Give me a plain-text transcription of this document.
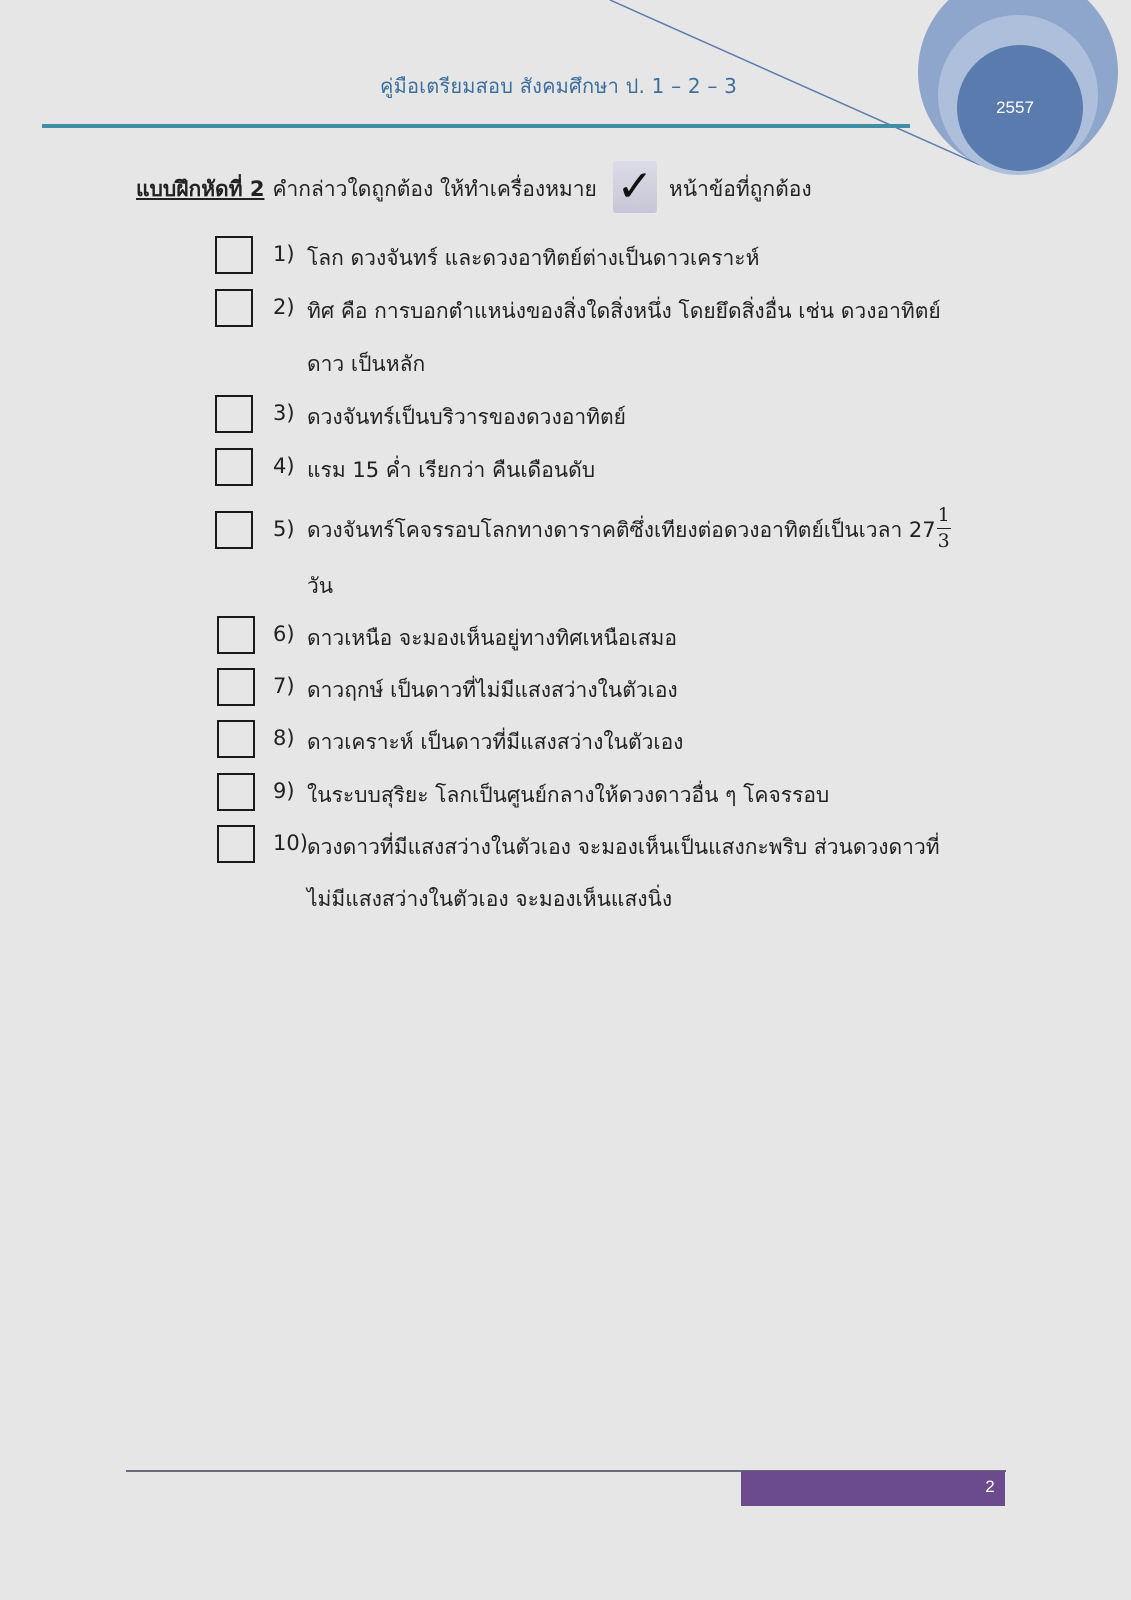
คู่มือเตรียมสอบ สังคมศึกษา ป. 1 – 2 – 3
2557
แบบฝึกหัดที่ 2 คำกล่าวใดถูกต้อง ให้ทำเครื่องหมาย ✓ หน้าข้อที่ถูกต้อง
1) โลก ดวงจันทร์ และดวงอาทิตย์ต่างเป็นดาวเคราะห์
2) ทิศ คือ การบอกตำแหน่งของสิ่งใดสิ่งหนึ่ง โดยยึดสิ่งอื่น เช่น ดวงอาทิตย์
ดาว เป็นหลัก
3) ดวงจันทร์เป็นบริวารของดวงอาทิตย์
4) แรม 15 ค่ำ เรียกว่า คืนเดือนดับ
5) ดวงจันทร์โคจรรอบโลกทางดาราคติซึ่งเทียงต่อดวงอาทิตย์เป็นเวลา $27 \frac{1}{3}$
วัน
6) ดาวเหนือ จะมองเห็นอยู่ทางทิศเหนือเสมอ
7) ดาวฤกษ์ เป็นดาวที่ไม่มีแสงสว่างในตัวเอง
8) ดาวเคราะห์ เป็นดาวที่มีแสงสว่างในตัวเอง
9) ในระบบสุริยะ โลกเป็นศูนย์กลางให้ดวงดาวอื่น ๆ โคจรรอบ
10) ดวงดาวที่มีแสงสว่างในตัวเอง จะมองเห็นเป็นแสงกะพริบ ส่วนดวงดาวที่
ไม่มีแสงสว่างในตัวเอง จะมองเห็นแสงนิ่ง
2
